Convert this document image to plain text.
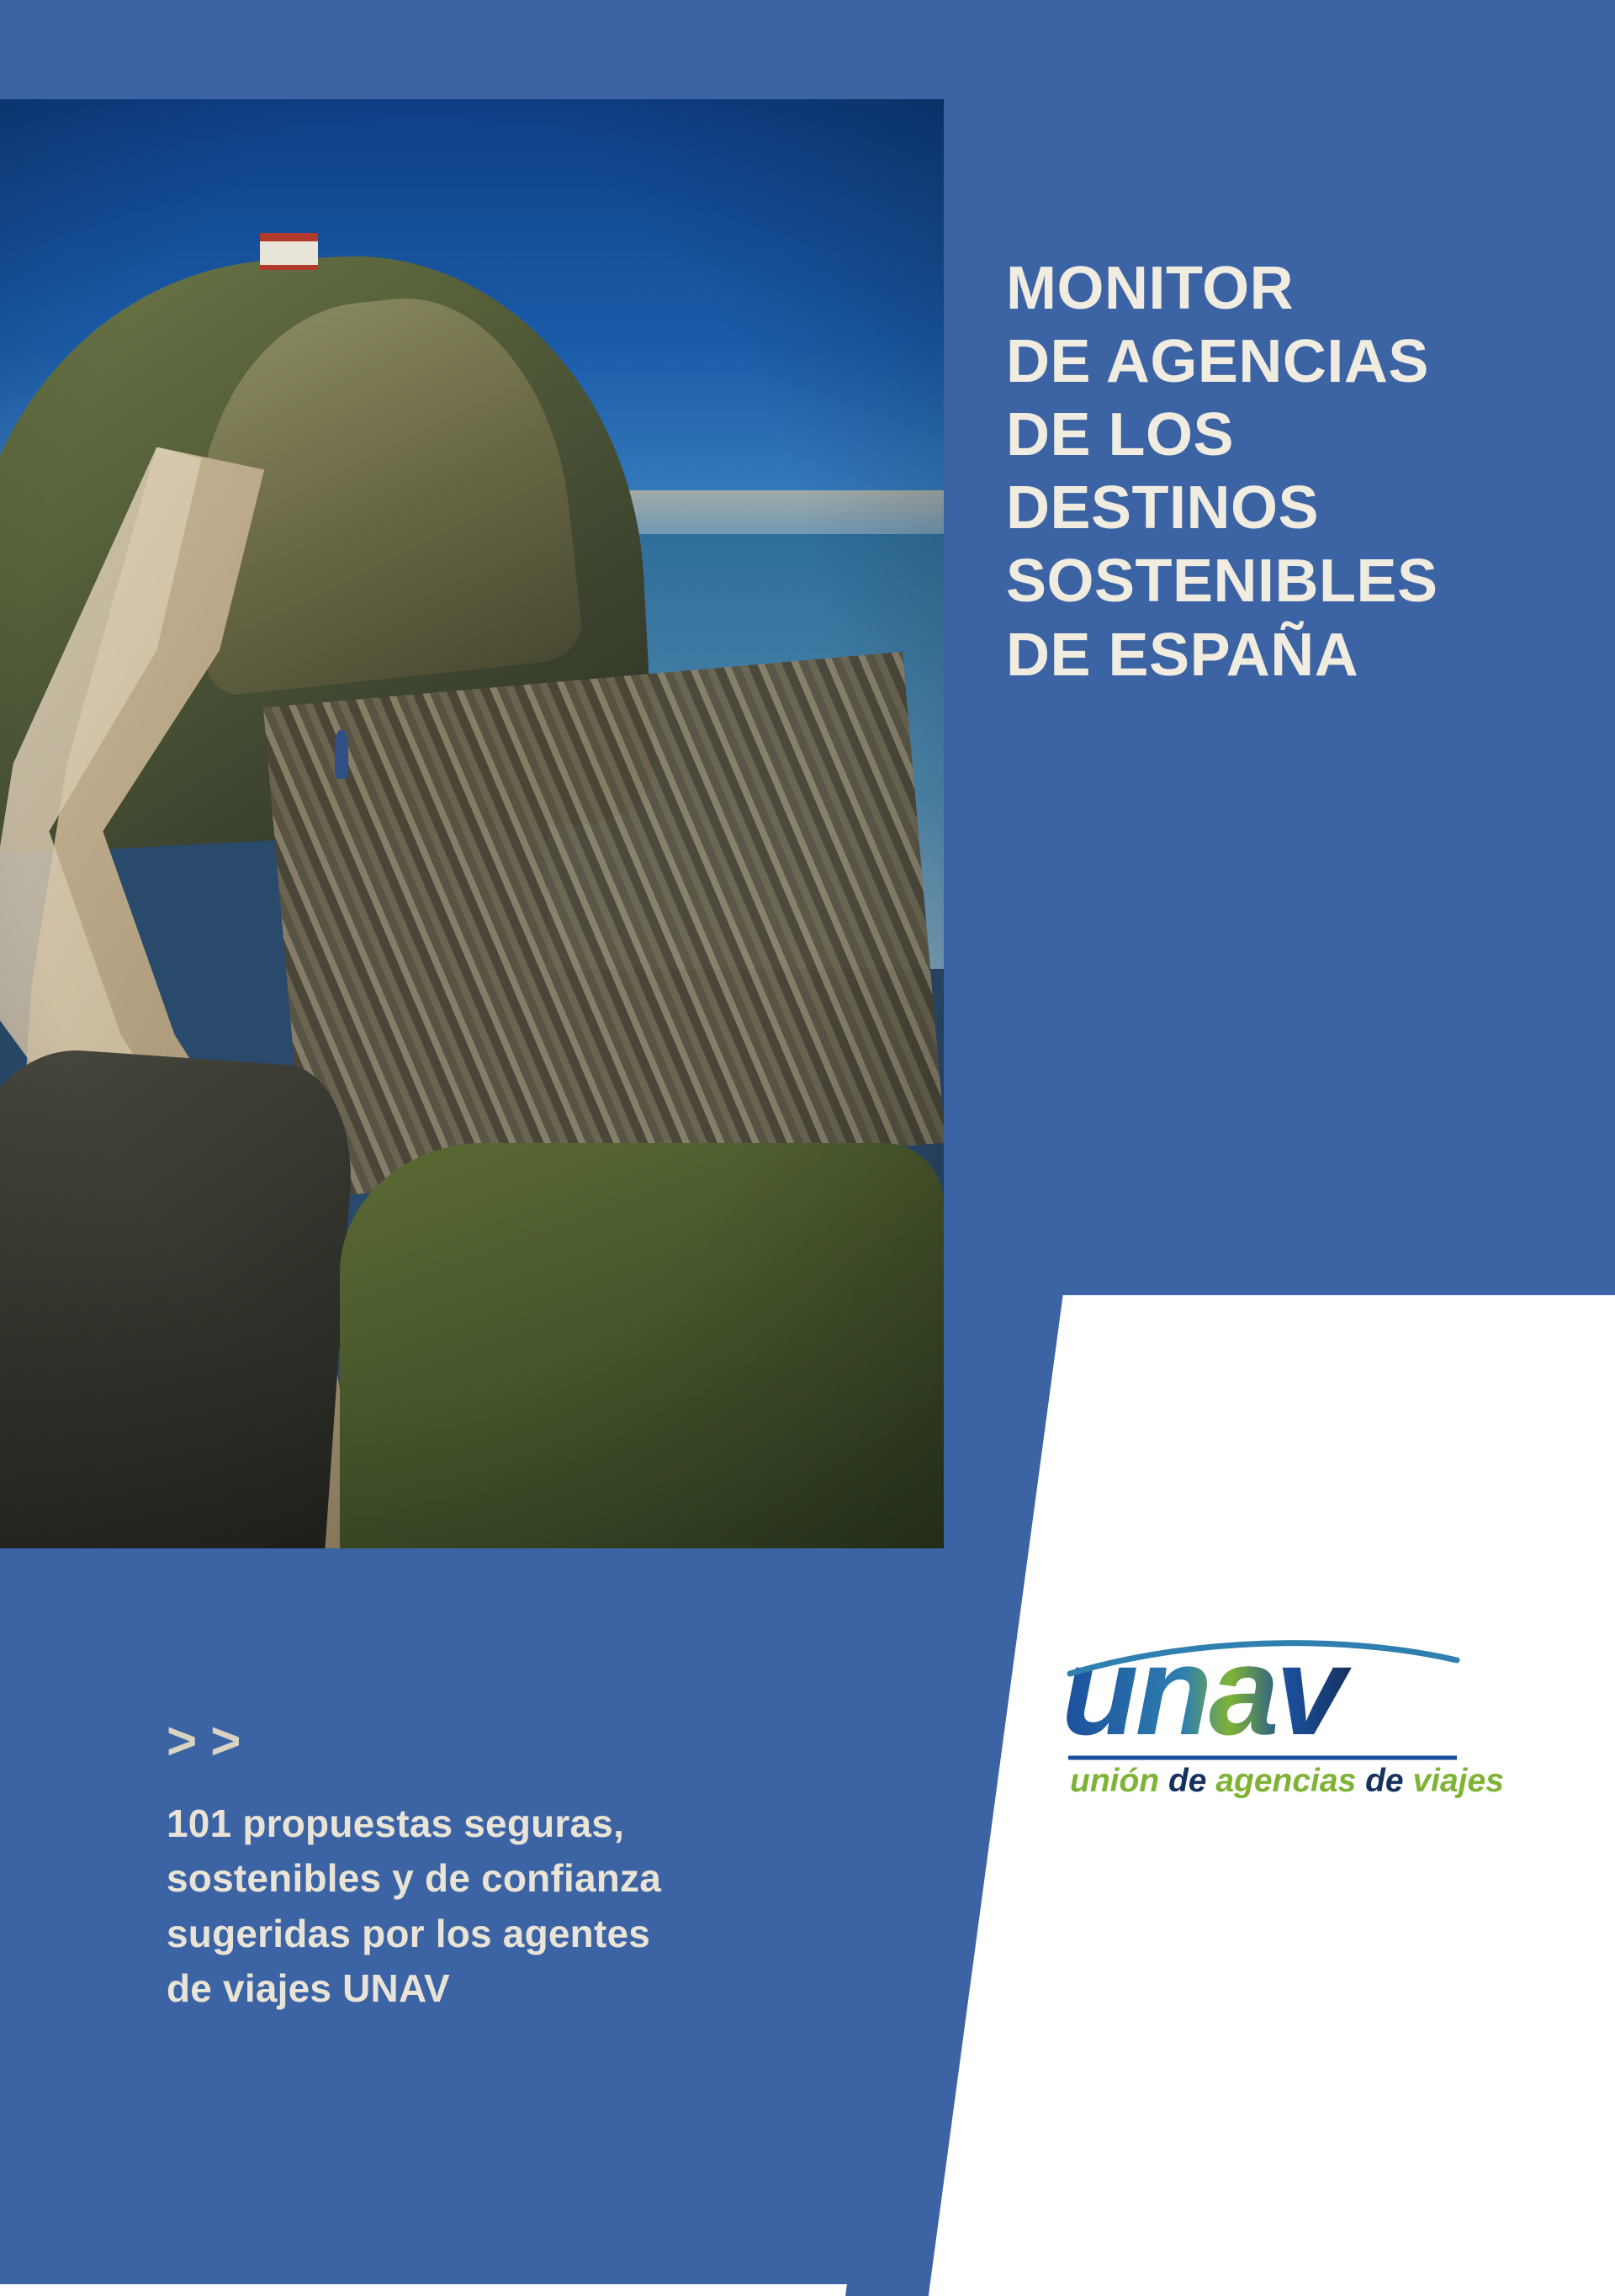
MONITOR
DE AGENCIAS
DE LOS
DESTINOS
SOSTENIBLES
DE ESPAÑA
>>
101 propuestas seguras,
sostenibles y de confianza
sugeridas por los agentes
de viajes UNAV
unav
unión de agencias de viajes
